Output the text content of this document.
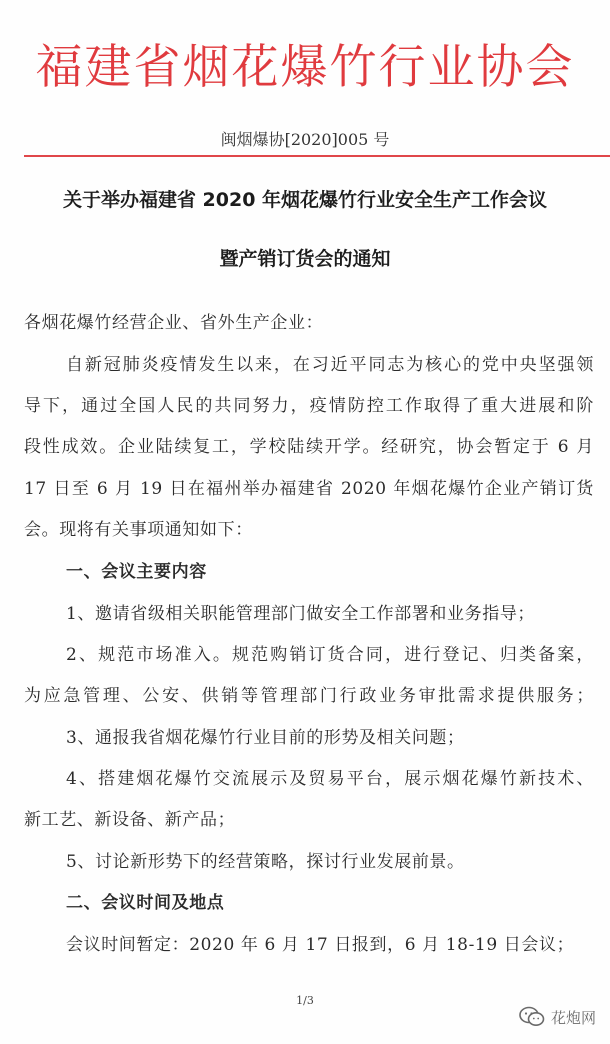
福建省烟花爆竹行业协会
闽烟爆协[2020]005 号
关于举办福建省 2020 年烟花爆竹行业安全生产工作会议
暨产销订货会的通知
各烟花爆竹经营企业、省外生产企业：
自新冠肺炎疫情发生以来，在习近平同志为核心的党中央坚强领
导下，通过全国人民的共同努力，疫情防控工作取得了重大进展和阶
段性成效。企业陆续复工，学校陆续开学。经研究，协会暂定于 6 月
17 日至 6 月 19 日在福州举办福建省 2020 年烟花爆竹企业产销订货
会。现将有关事项通知如下：
一、会议主要内容
1、邀请省级相关职能管理部门做安全工作部署和业务指导；
2、规范市场准入。规范购销订货合同，进行登记、归类备案，
为应急管理、公安、供销等管理部门行政业务审批需求提供服务；
3、通报我省烟花爆竹行业目前的形势及相关问题；
4、搭建烟花爆竹交流展示及贸易平台，展示烟花爆竹新技术、
新工艺、新设备、新产品；
5、讨论新形势下的经营策略，探讨行业发展前景。
二、会议时间及地点
会议时间暂定：2020 年 6 月 17 日报到，6 月 18-19 日会议；
1/3
花炮网
